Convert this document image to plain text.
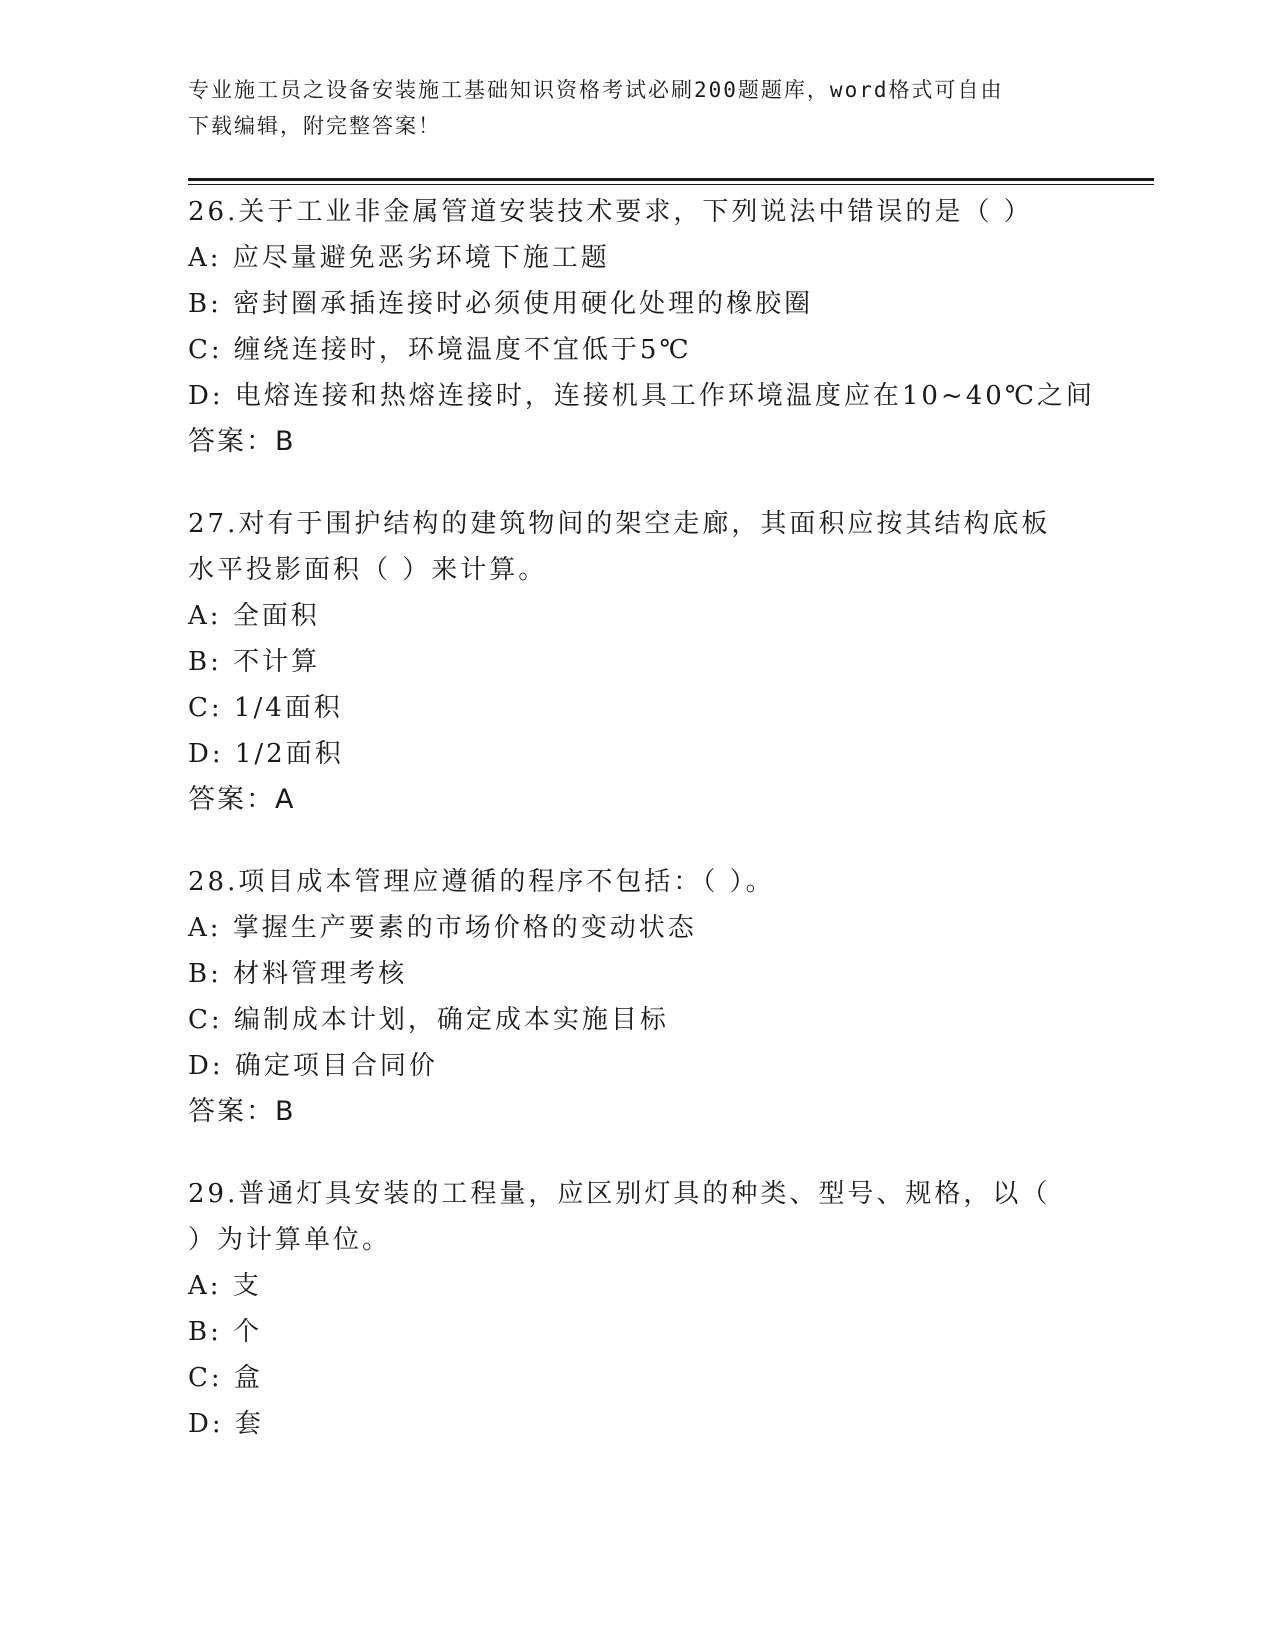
专业施工员之设备安装施工基础知识资格考试必刷200题题库，word格式可自由
下载编辑，附完整答案！
26.关于工业非金属管道安装技术要求，下列说法中错误的是（ ）
A: 应尽量避免恶劣环境下施工题
B: 密封圈承插连接时必须使用硬化处理的橡胶圈
C: 缠绕连接时，环境温度不宜低于5℃
D: 电熔连接和热熔连接时，连接机具工作环境温度应在10~40℃之间
答案：B
27.对有于围护结构的建筑物间的架空走廊，其面积应按其结构底板水平投影面积（ ）来计算。
A: 全面积
B: 不计算
C: 1/4面积
D: 1/2面积
答案：A
28.项目成本管理应遵循的程序不包括：（ ）。
A: 掌握生产要素的市场价格的变动状态
B: 材料管理考核
C: 编制成本计划，确定成本实施目标
D: 确定项目合同价
答案：B
29.普通灯具安装的工程量，应区别灯具的种类、型号、规格，以（ ）为计算单位。
A: 支
B: 个
C: 盒
D: 套
